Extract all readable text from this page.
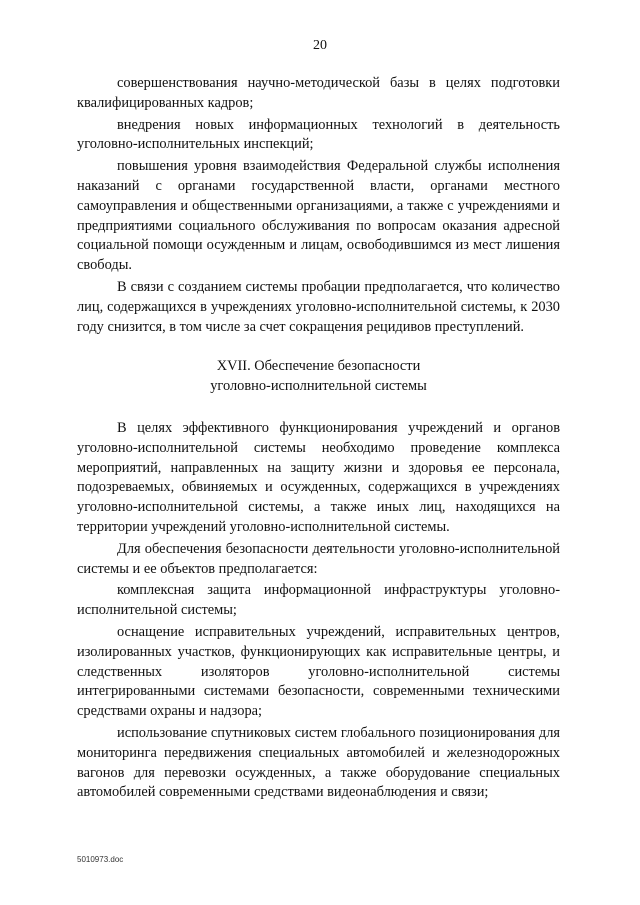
20

совершенствования научно-методической базы в целях подготовки квалифицированных кадров;

внедрения новых информационных технологий в деятельность уголовно-исполнительных инспекций;

повышения уровня взаимодействия Федеральной службы исполнения наказаний с органами государственной власти, органами местного самоуправления и общественными организациями, а также с учреждениями и предприятиями социального обслуживания по вопросам оказания адресной социальной помощи осужденным и лицам, освободившимся из мест лишения свободы.

В связи с созданием системы пробации предполагается, что количество лиц, содержащихся в учреждениях уголовно-исполнительной системы, к 2030 году снизится, в том числе за счет сокращения рецидивов преступлений.

XVII. Обеспечение безопасности
уголовно-исполнительной системы

В целях эффективного функционирования учреждений и органов уголовно-исполнительной системы необходимо проведение комплекса мероприятий, направленных на защиту жизни и здоровья ее персонала, подозреваемых, обвиняемых и осужденных, содержащихся в учреждениях уголовно-исполнительной системы, а также иных лиц, находящихся на территории учреждений уголовно-исполнительной системы.

Для обеспечения безопасности деятельности уголовно-исполнительной системы и ее объектов предполагается:

комплексная защита информационной инфраструктуры уголовно-исполнительной системы;

оснащение исправительных учреждений, исправительных центров, изолированных участков, функционирующих как исправительные центры, и следственных изоляторов уголовно-исполнительной системы интегрированными системами безопасности, современными техническими средствами охраны и надзора;

использование спутниковых систем глобального позиционирования для мониторинга передвижения специальных автомобилей и железнодорожных вагонов для перевозки осужденных, а также оборудование специальных автомобилей современными средствами видеонаблюдения и связи;

5010973.doc
